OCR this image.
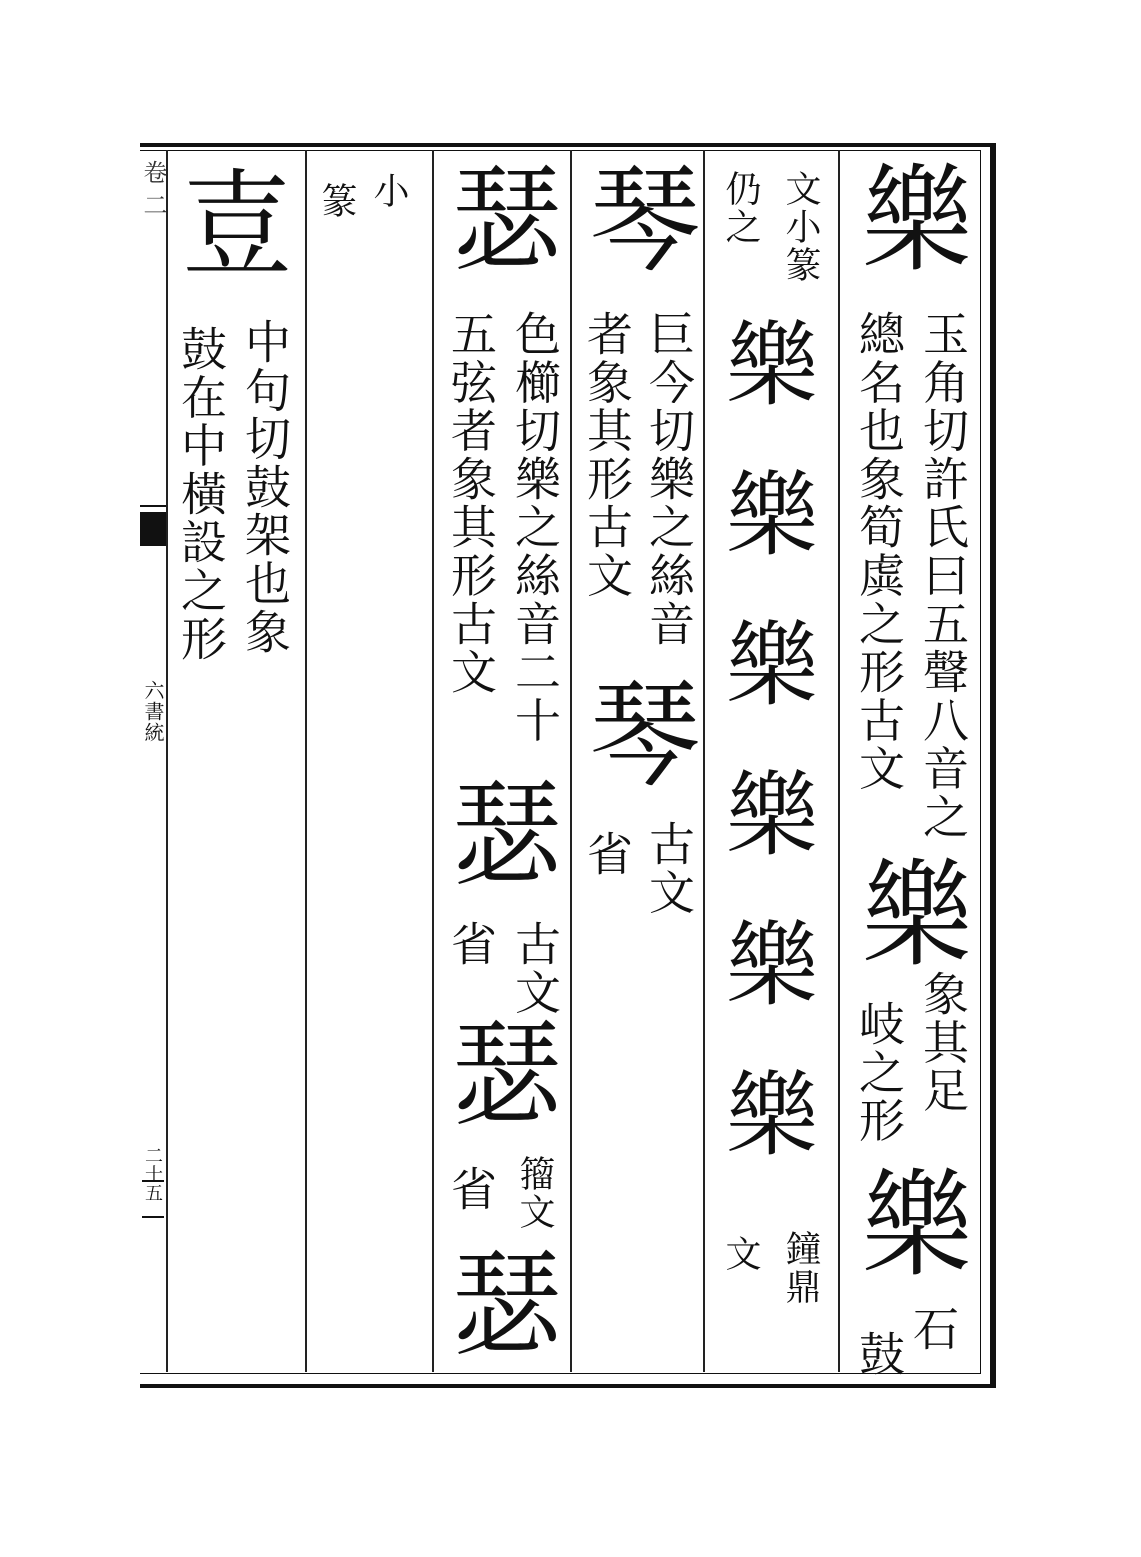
卷二
六書統
二十五
樂
玉角切許氏曰五聲八音之
總名也象筍虡之形古文
樂
象其足
岐之形
樂
石
鼓
文小篆
仍之
樂
樂
樂
樂
樂
樂
鐘鼎
文
琴
巨今切樂之絲音
者象其形古文
琴
古文
省
瑟
色櫛切樂之絲音二十
五弦者象其形古文
瑟
古文
省
瑟
籀文
省
瑟
小
篆
壴
中句切鼓架也象
鼓在中橫設之形
